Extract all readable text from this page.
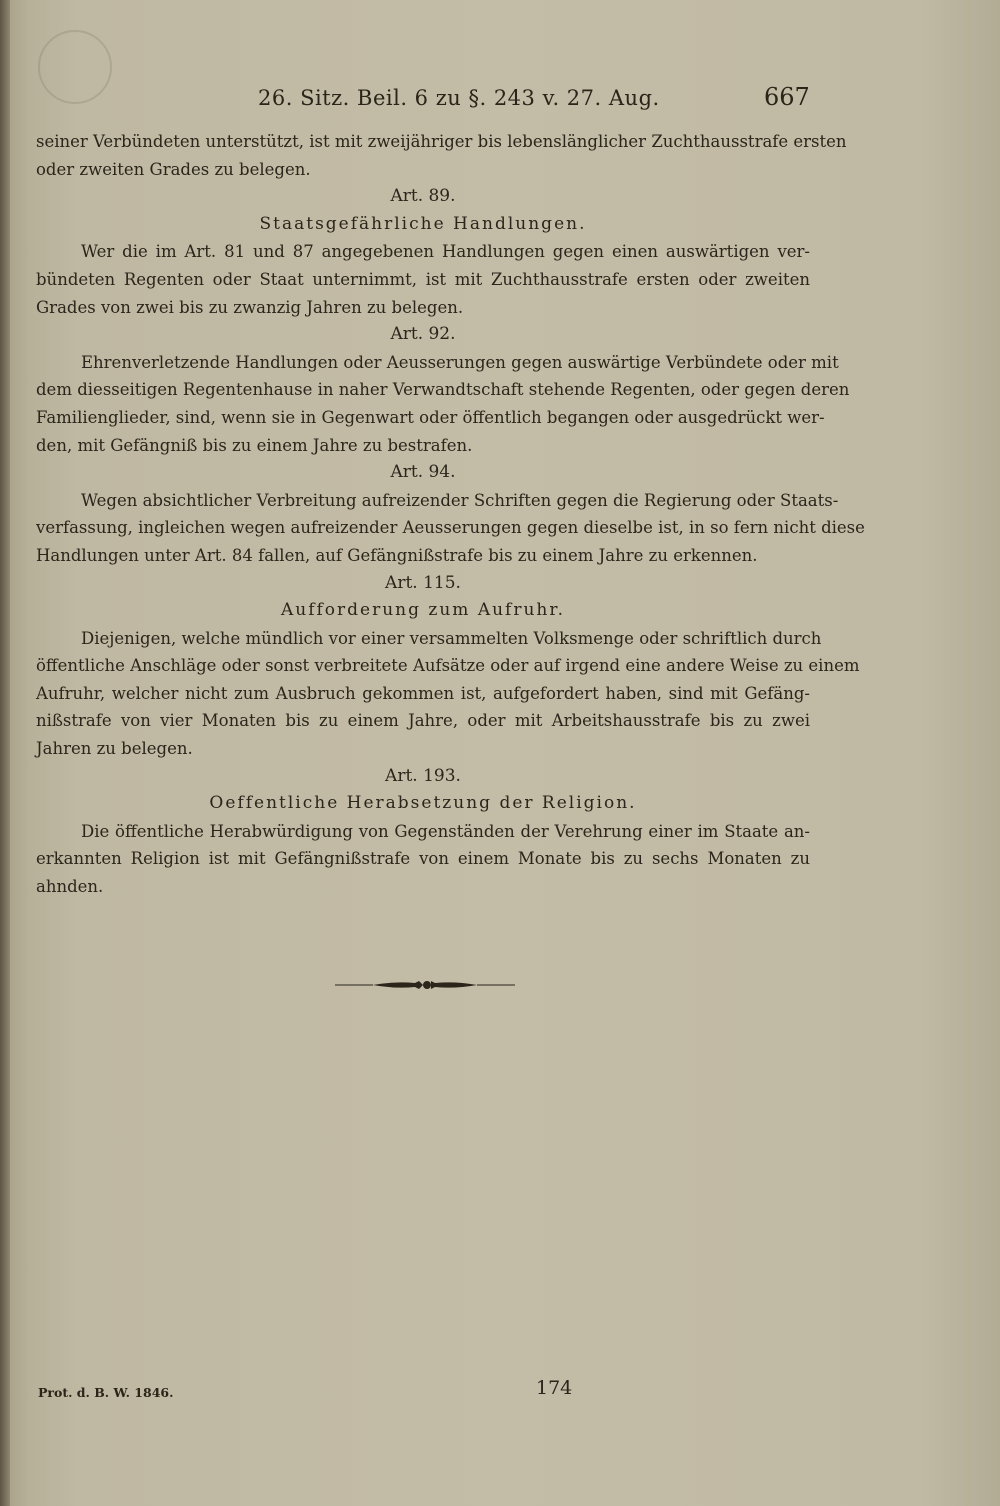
26. Sitz. Beil. 6 zu §. 243 v. 27. Aug.	667
seiner Verbündeten unterstützt, ist mit zweijähriger bis lebenslänglicher Zuchthausstrafe ersten
oder zweiten Grades zu belegen.
Art. 89.
Staatsgefährliche Handlungen.
Wer die im Art. 81 und 87 angegebenen Handlungen gegen einen auswärtigen ver-
bündeten Regenten oder Staat unternimmt, ist mit Zuchthausstrafe ersten oder zweiten
Grades von zwei bis zu zwanzig Jahren zu belegen.
Art. 92.
Ehrenverletzende Handlungen oder Aeusserungen gegen auswärtige Verbündete oder mit
dem diesseitigen Regentenhause in naher Verwandtschaft stehende Regenten, oder gegen deren
Familienglieder, sind, wenn sie in Gegenwart oder öffentlich begangen oder ausgedrückt wer-
den, mit Gefängniß bis zu einem Jahre zu bestrafen.
Art. 94.
Wegen absichtlicher Verbreitung aufreizender Schriften gegen die Regierung oder Staats-
verfassung, ingleichen wegen aufreizender Aeusserungen gegen dieselbe ist, in so fern nicht diese
Handlungen unter Art. 84 fallen, auf Gefängnißstrafe bis zu einem Jahre zu erkennen.
Art. 115.
Aufforderung zum Aufruhr.
Diejenigen, welche mündlich vor einer versammelten Volksmenge oder schriftlich durch
öffentliche Anschläge oder sonst verbreitete Aufsätze oder auf irgend eine andere Weise zu einem
Aufruhr, welcher nicht zum Ausbruch gekommen ist, aufgefordert haben, sind mit Gefäng-
nißstrafe von vier Monaten bis zu einem Jahre, oder mit Arbeitshausstrafe bis zu zwei
Jahren zu belegen.
Art. 193.
Oeffentliche Herabsetzung der Religion.
Die öffentliche Herabwürdigung von Gegenständen der Verehrung einer im Staate an-
erkannten Religion ist mit Gefängnißstrafe von einem Monate bis zu sechs Monaten zu
ahnden.
Prot. d. B. W. 1846.	174
